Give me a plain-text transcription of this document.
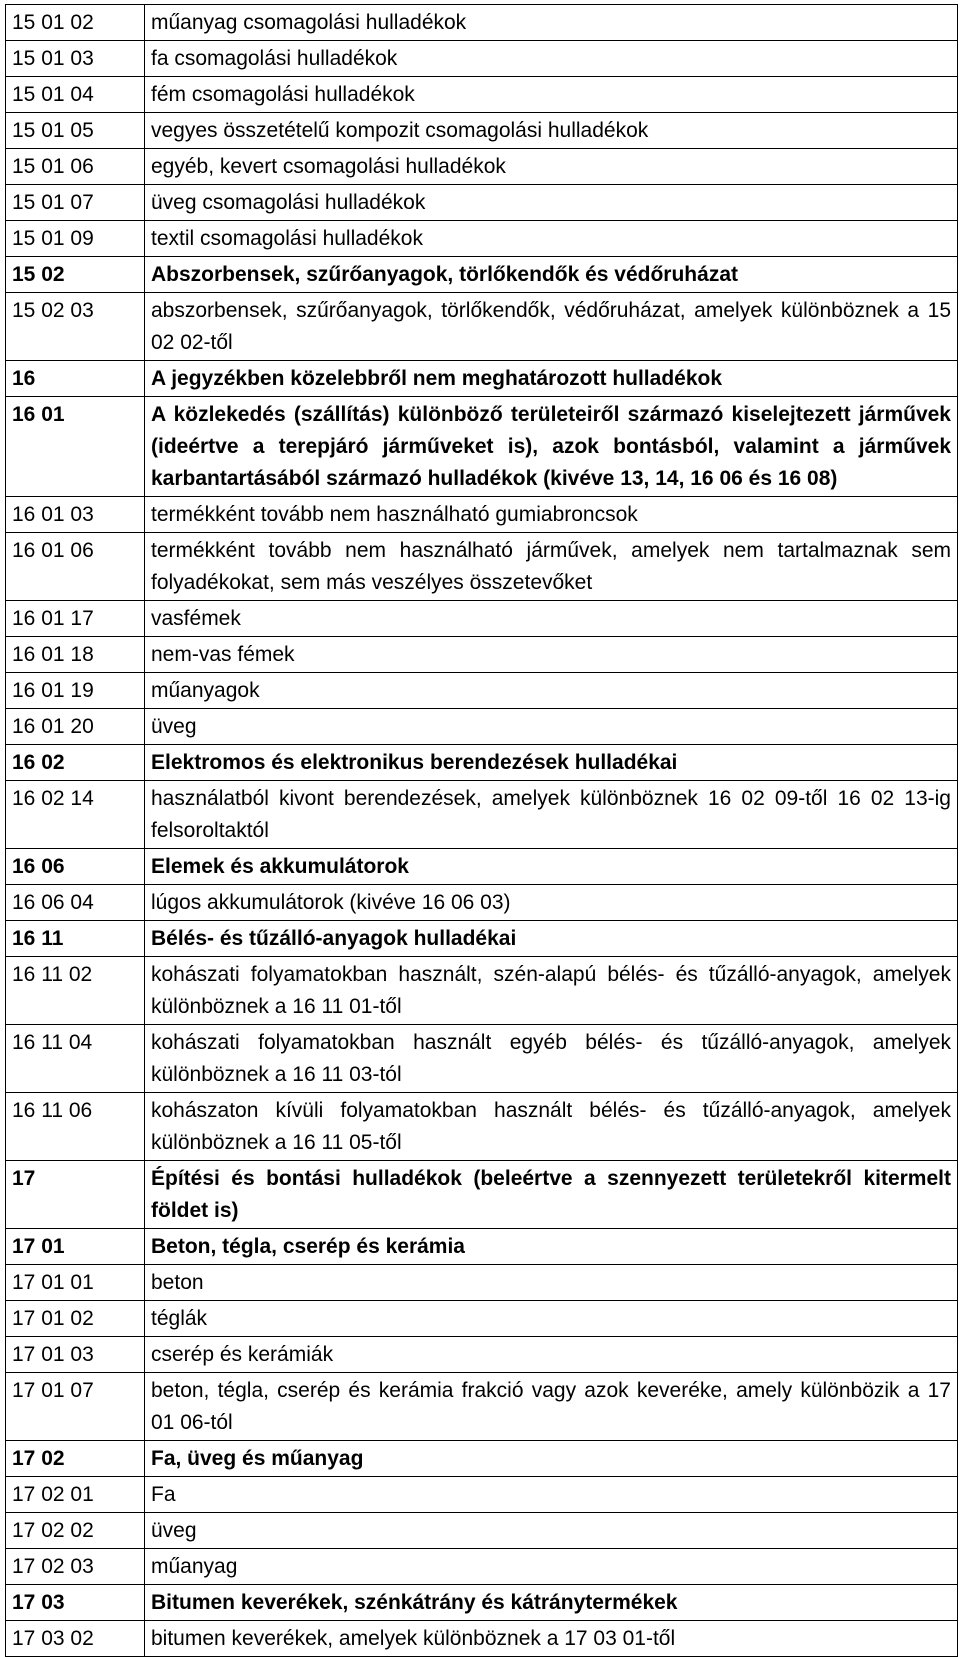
15 01 02	műanyag csomagolási hulladékok
15 01 03	fa csomagolási hulladékok
15 01 04	fém csomagolási hulladékok
15 01 05	vegyes összetételű kompozit csomagolási hulladékok
15 01 06	egyéb, kevert csomagolási hulladékok
15 01 07	üveg csomagolási hulladékok
15 01 09	textil csomagolási hulladékok
15 02	Abszorbensek, szűrőanyagok, törlőkendők és védőruházat
15 02 03	abszorbensek, szűrőanyagok, törlőkendők, védőruházat, amelyek különböznek a 15 02 02-től
16	A jegyzékben közelebbről nem meghatározott hulladékok
16 01	A közlekedés (szállítás) különböző területeiről származó kiselejtezett járművek (ideértve a terepjáró járműveket is), azok bontásból, valamint a járművek karbantartásából származó hulladékok (kivéve 13, 14, 16 06 és 16 08)
16 01 03	termékként tovább nem használható gumiabroncsok
16 01 06	termékként tovább nem használható járművek, amelyek nem tartalmaznak sem folyadékokat, sem más veszélyes összetevőket
16 01 17	vasfémek
16 01 18	nem-vas fémek
16 01 19	műanyagok
16 01 20	üveg
16 02	Elektromos és elektronikus berendezések hulladékai
16 02 14	használatból kivont berendezések, amelyek különböznek 16 02 09-től 16 02 13-ig felsoroltaktól
16 06	Elemek és akkumulátorok
16 06 04	lúgos akkumulátorok (kivéve 16 06 03)
16 11	Bélés- és tűzálló-anyagok hulladékai
16 11 02	kohászati folyamatokban használt, szén-alapú bélés- és tűzálló-anyagok, amelyek különböznek a 16 11 01-től
16 11 04	kohászati folyamatokban használt egyéb bélés- és tűzálló-anyagok, amelyek különböznek a 16 11 03-tól
16 11 06	kohászaton kívüli folyamatokban használt bélés- és tűzálló-anyagok, amelyek különböznek a 16 11 05-től
17	Építési és bontási hulladékok (beleértve a szennyezett területekről kitermelt földet is)
17 01	Beton, tégla, cserép és kerámia
17 01 01	beton
17 01 02	téglák
17 01 03	cserép és kerámiák
17 01 07	beton, tégla, cserép és kerámia frakció vagy azok keveréke, amely különbözik a 17 01 06-tól
17 02	Fa, üveg és műanyag
17 02 01	Fa
17 02 02	üveg
17 02 03	műanyag
17 03	Bitumen keverékek, szénkátrány és kátránytermékek
17 03 02	bitumen keverékek, amelyek különböznek a 17 03 01-től
